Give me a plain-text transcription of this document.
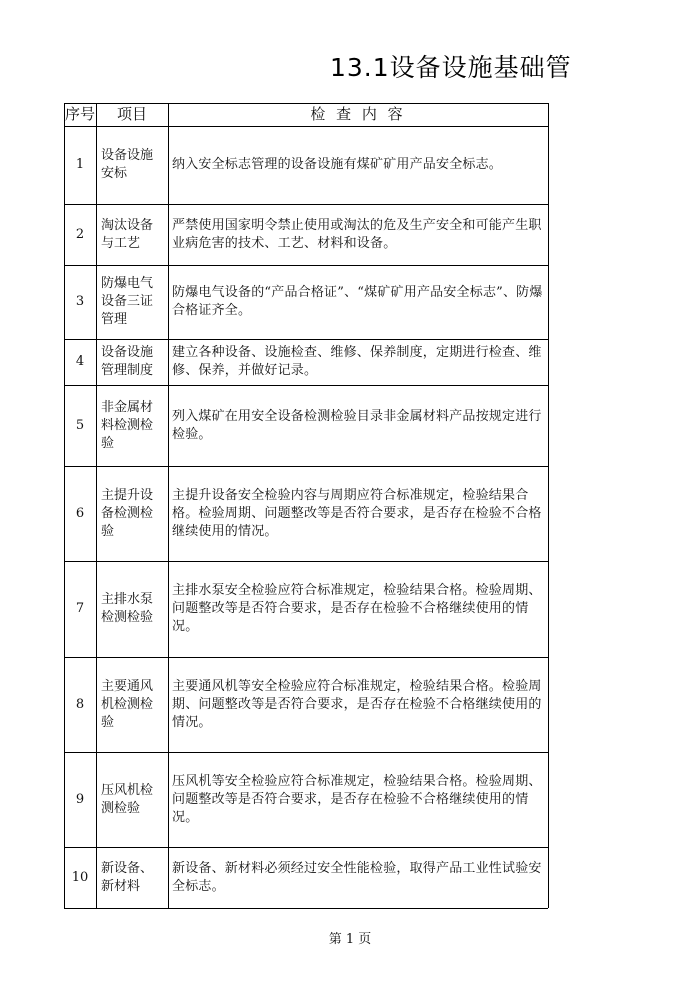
13.1设备设施基础管
序号	项目	检 查 内 容
1
设备设施安标
纳入安全标志管理的设备设施有煤矿矿用产品安全标志。
2
淘汰设备与工艺
严禁使用国家明令禁止使用或淘汰的危及生产安全和可能产生职业病危害的技术、工艺、材料和设备。
3
防爆电气设备三证管理
防爆电气设备的“产品合格证”、“煤矿矿用产品安全标志”、防爆合格证齐全。
4
设备设施管理制度
建立各种设备、设施检查、维修、保养制度，定期进行检查、维修、保养，并做好记录。
5
非金属材料检测检验
列入煤矿在用安全设备检测检验目录非金属材料产品按规定进行检验。
6
主提升设备检测检验
主提升设备安全检验内容与周期应符合标准规定，检验结果合格。检验周期、问题整改等是否符合要求，是否存在检验不合格继续使用的情况。
7
主排水泵检测检验
主排水泵安全检验应符合标准规定，检验结果合格。检验周期、问题整改等是否符合要求，是否存在检验不合格继续使用的情况。
8
主要通风机检测检验
主要通风机等安全检验应符合标准规定，检验结果合格。检验周期、问题整改等是否符合要求，是否存在检验不合格继续使用的情况。
9
压风机检测检验
压风机等安全检验应符合标准规定，检验结果合格。检验周期、问题整改等是否符合要求，是否存在检验不合格继续使用的情况。
10
新设备、新材料
新设备、新材料必须经过安全性能检验，取得产品工业性试验安全标志。
第 1 页
